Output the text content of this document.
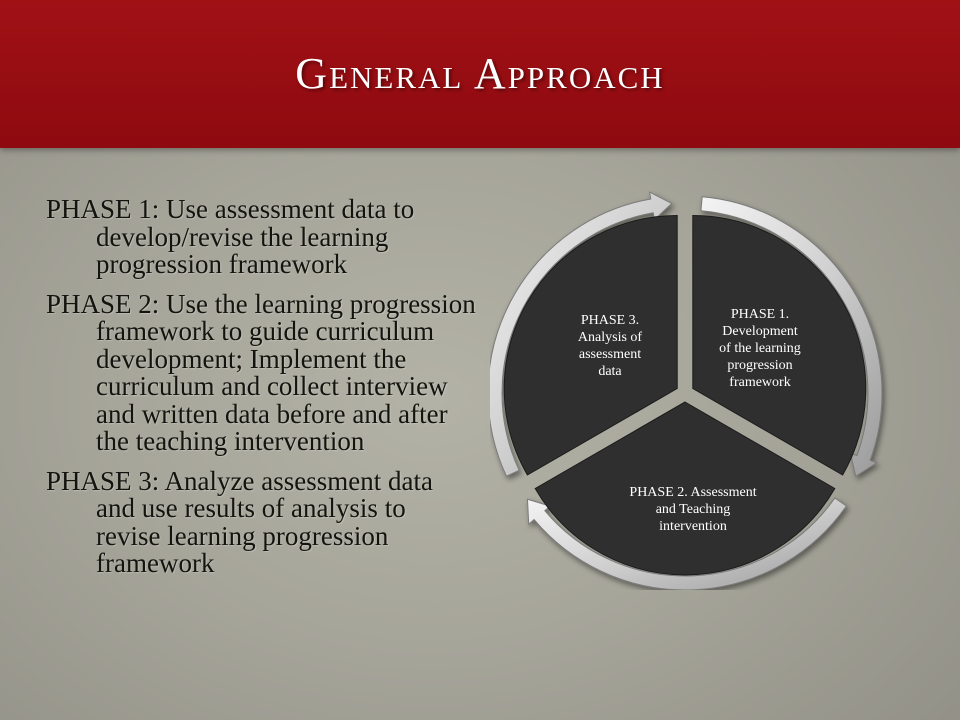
General Approach
PHASE 1: Use assessment data to develop/revise the learning progression framework
PHASE 2: Use the learning progression framework to guide curriculum development; Implement the curriculum and collect interview and written data before and after the teaching intervention
PHASE 3: Analyze assessment data and use results of analysis to revise learning progression framework
PHASE 1. Development of the learning progression framework
PHASE 2. Assessment and Teaching intervention
PHASE 3. Analysis of assessment data
